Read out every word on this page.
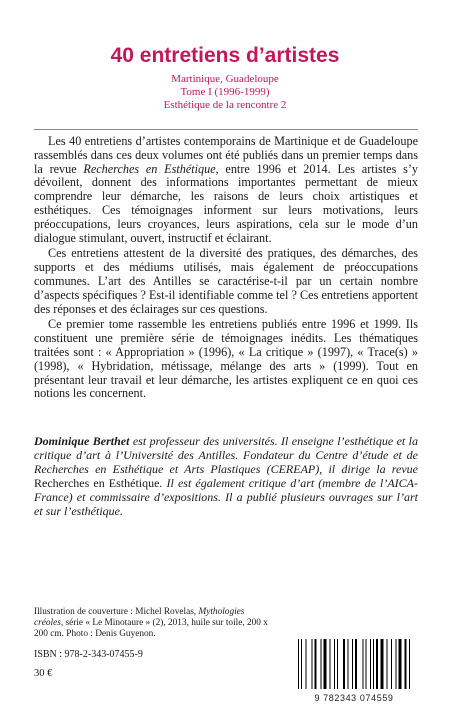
40 entretiens d’artistes

Martinique, Guadeloupe

Tome I (1996-1999)

Esthétique de la rencontre 2

Les 40 entretiens d’artistes contemporains de Martinique et de Guadeloupe rassemblés dans ces deux volumes ont été publiés dans un premier temps dans la revue Recherches en Esthétique, entre 1996 et 2014. Les artistes s’y dévoilent, donnent des informations importantes permettant de mieux comprendre leur démarche, les raisons de leurs choix artistiques et esthétiques. Ces témoignages informent sur leurs motivations, leurs préoccupations, leurs croyances, leurs aspirations, cela sur le mode d’un dialogue stimulant, ouvert, instructif et éclairant.

Ces entretiens attestent de la diversité des pratiques, des démarches, des supports et des médiums utilisés, mais également de préoccupations communes. L’art des Antilles se caractérise-t-il par un certain nombre d’aspects spécifiques ? Est-il identifiable comme tel ? Ces entretiens apportent des réponses et des éclairages sur ces questions.

Ce premier tome rassemble les entretiens publiés entre 1996 et 1999. Ils constituent une première série de témoignages inédits. Les thématiques traitées sont : « Appropriation » (1996), « La critique » (1997), « Trace(s) » (1998), « Hybridation, métissage, mélange des arts » (1999). Tout en présentant leur travail et leur démarche, les artistes expliquent ce en quoi ces notions les concernent.

Dominique Berthet est professeur des universités. Il enseigne l’esthétique et la critique d’art à l’Université des Antilles. Fondateur du Centre d’étude et de Recherches en Esthétique et Arts Plastiques (CEREAP), il dirige la revue Recherches en Esthétique. Il est également critique d’art (membre de l’AICA-France) et commissaire d’expositions. Il a publié plusieurs ouvrages sur l’art et sur l’esthétique.
Illustration de couverture : Michel Rovelas, Mythologies créoles, série « Le Minotaure » (2), 2013, huile sur toile, 200 x 200 cm. Photo : Denis Guyenon.
ISBN : 978-2-343-07455-9
30 €
9 782343 074559
